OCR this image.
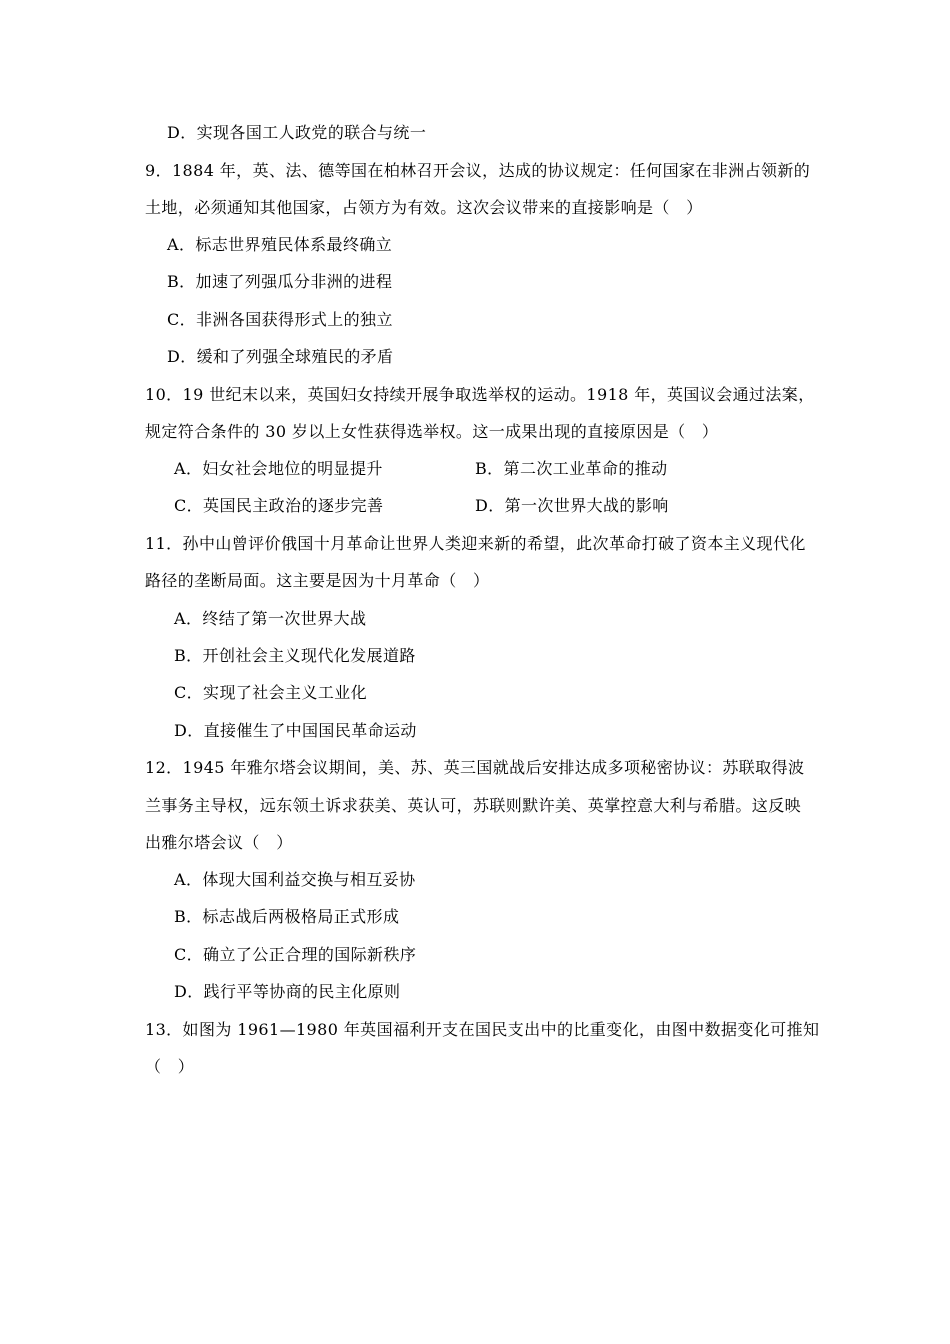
D．实现各国工人政党的联合与统一
9．1884 年，英、法、德等国在柏林召开会议，达成的协议规定：任何国家在非洲占领新的
土地，必须通知其他国家，占领方为有效。这次会议带来的直接影响是（　）
A．标志世界殖民体系最终确立
B．加速了列强瓜分非洲的进程
C．非洲各国获得形式上的独立
D．缓和了列强全球殖民的矛盾
10．19 世纪末以来，英国妇女持续开展争取选举权的运动。1918 年，英国议会通过法案，
规定符合条件的 30 岁以上女性获得选举权。这一成果出现的直接原因是（　）
A．妇女社会地位的明显提升	B．第二次工业革命的推动
C．英国民主政治的逐步完善	D．第一次世界大战的影响
11．孙中山曾评价俄国十月革命让世界人类迎来新的希望，此次革命打破了资本主义现代化
路径的垄断局面。这主要是因为十月革命（　）
A．终结了第一次世界大战
B．开创社会主义现代化发展道路
C．实现了社会主义工业化
D．直接催生了中国国民革命运动
12．1945 年雅尔塔会议期间，美、苏、英三国就战后安排达成多项秘密协议：苏联取得波
兰事务主导权，远东领土诉求获美、英认可，苏联则默许美、英掌控意大利与希腊。这反映
出雅尔塔会议（　）
A．体现大国利益交换与相互妥协
B．标志战后两极格局正式形成
C．确立了公正合理的国际新秩序
D．践行平等协商的民主化原则
13．如图为 1961—1980 年英国福利开支在国民支出中的比重变化，由图中数据变化可推知
（　）
